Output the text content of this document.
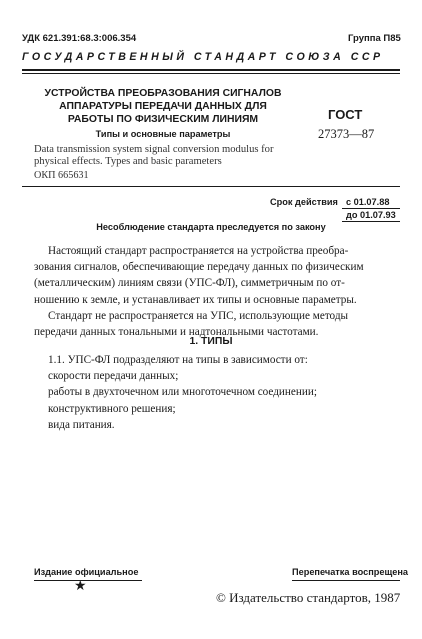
УДК 621.391:68.3:006.354	Группа П85
ГОСУДАРСТВЕННЫЙ СТАНДАРТ СОЮЗА ССР
УСТРОЙСТВА ПРЕОБРАЗОВАНИЯ СИГНАЛОВ
АППАРАТУРЫ ПЕРЕДАЧИ ДАННЫХ ДЛЯ
РАБОТЫ ПО ФИЗИЧЕСКИМ ЛИНИЯМ	ГОСТ
27373—87
Типы и основные параметры
Data transmission system signal conversion modulus for
physical effects. Types and basic parameters
ОКП 665631
Срок действия с 01.07.88
до 01.07.93
Несоблюдение стандарта преследуется по закону
Настоящий стандарт распространяется на устройства преобра-
зования сигналов, обеспечивающие передачу данных по физическим
(металлическим) линиям связи (УПС-ФЛ), симметричным по от-
ношению к земле, и устанавливает их типы и основные параметры.
Стандарт не распространяется на УПС, использующие методы
передачи данных тональными и надтональными частотами.
1. ТИПЫ
1.1. УПС-ФЛ подразделяют на типы в зависимости от:
скорости передачи данных;
работы в двухточечном или многоточечном соединении;
конструктивного решения;
вида питания.
Издание официальное	Перепечатка воспрещена
★
© Издательство стандартов, 1987
